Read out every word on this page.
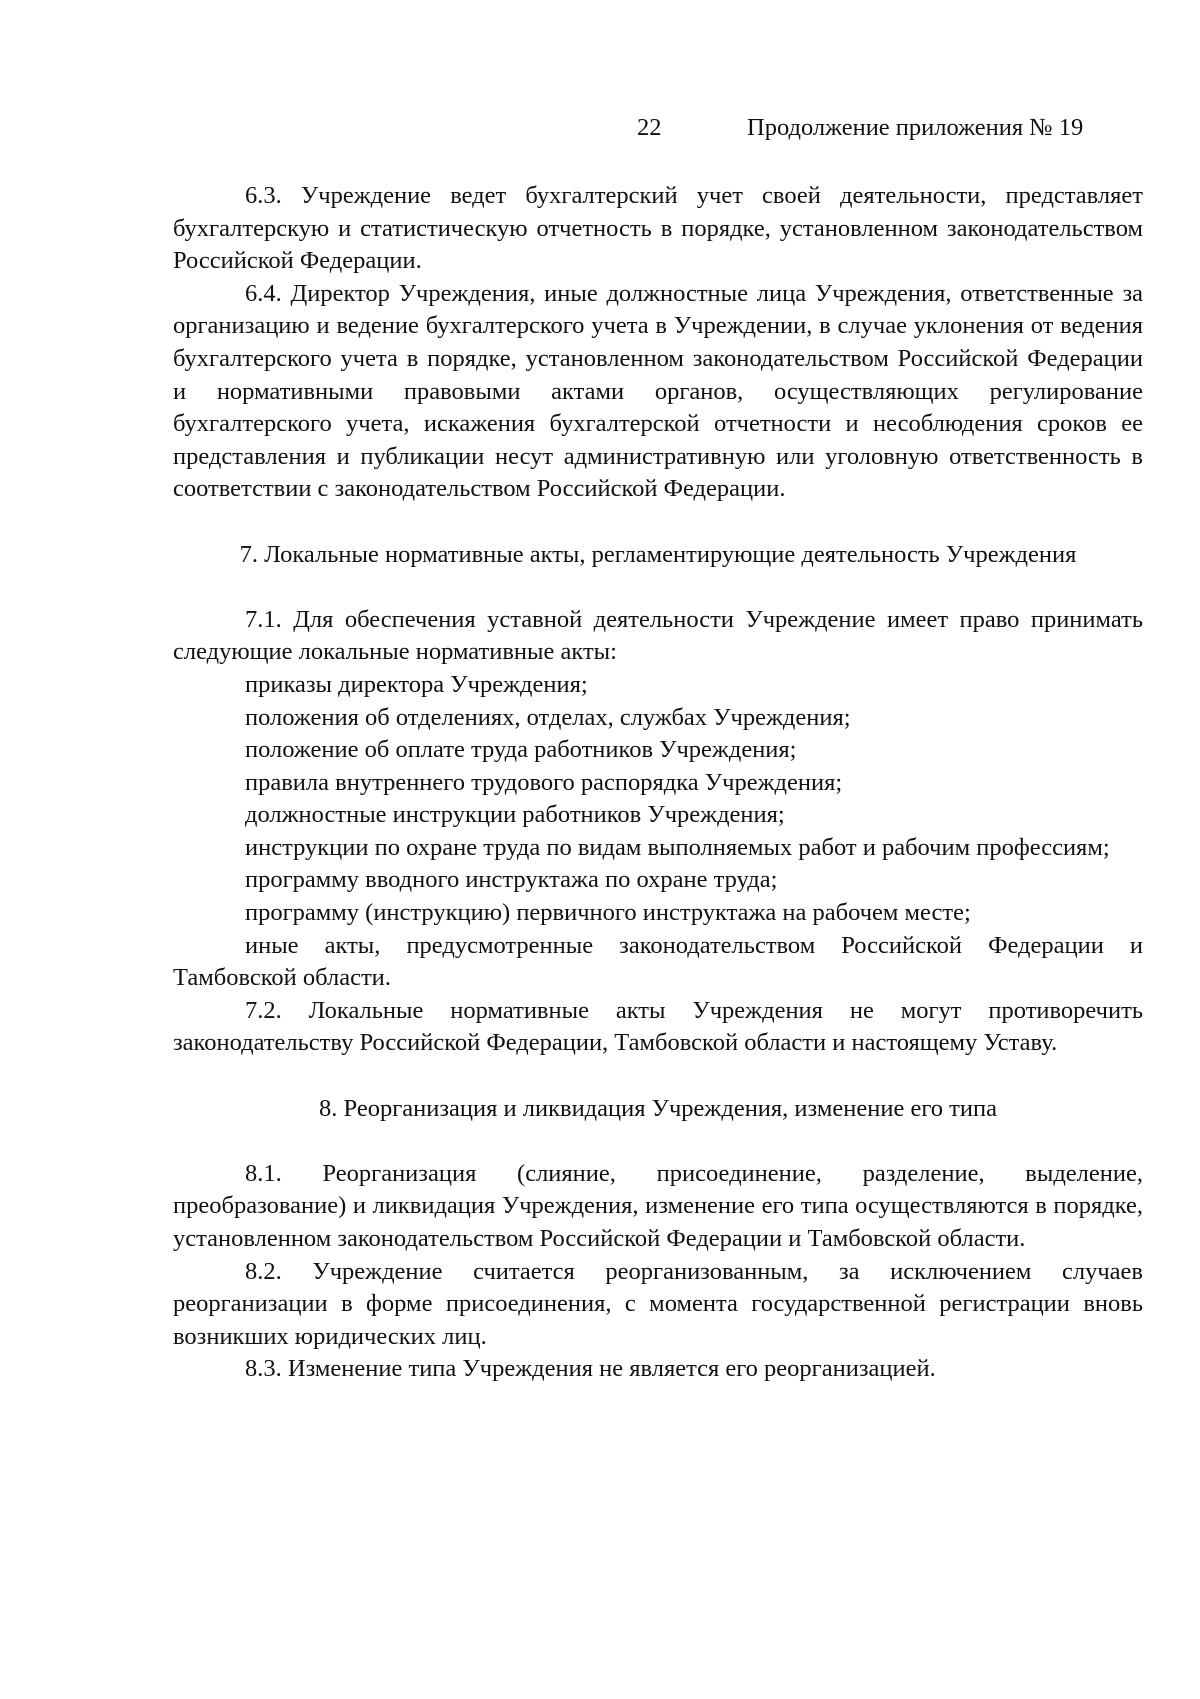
22	Продолжение приложения № 19

6.3. Учреждение ведет бухгалтерский учет своей деятельности, представляет бухгалтерскую и статистическую отчетность в порядке, установленном законодательством Российской Федерации.

6.4. Директор Учреждения, иные должностные лица Учреждения, ответственные за организацию и ведение бухгалтерского учета в Учреждении, в случае уклонения от ведения бухгалтерского учета в порядке, установленном законодательством Российской Федерации и нормативными правовыми актами органов, осуществляющих регулирование бухгалтерского учета, искажения бухгалтерской отчетности и несоблюдения сроков ее представления и публикации несут административную или уголовную ответственность в соответствии с законодательством Российской Федерации.

7. Локальные нормативные акты, регламентирующие деятельность Учреждения

7.1. Для обеспечения уставной деятельности Учреждение имеет право принимать следующие локальные нормативные акты:

приказы директора Учреждения;

положения об отделениях, отделах, службах Учреждения;

положение об оплате труда работников Учреждения;

правила внутреннего трудового распорядка Учреждения;

должностные инструкции работников Учреждения;

инструкции по охране труда по видам выполняемых работ и рабочим профессиям;

программу вводного инструктажа по охране труда;

программу (инструкцию) первичного инструктажа на рабочем месте;

иные акты, предусмотренные законодательством Российской Федерации и Тамбовской области.

7.2. Локальные нормативные акты Учреждения не могут противоречить законодательству Российской Федерации, Тамбовской области и настоящему Уставу.

8. Реорганизация и ликвидация Учреждения, изменение его типа

8.1. Реорганизация (слияние, присоединение, разделение, выделение, преобразование) и ликвидация Учреждения, изменение его типа осуществляются в порядке, установленном законодательством Российской Федерации и Тамбовской области.

8.2. Учреждение считается реорганизованным, за исключением случаев реорганизации в форме присоединения, с момента государственной регистрации вновь возникших юридических лиц.

8.3. Изменение типа Учреждения не является его реорганизацией.
